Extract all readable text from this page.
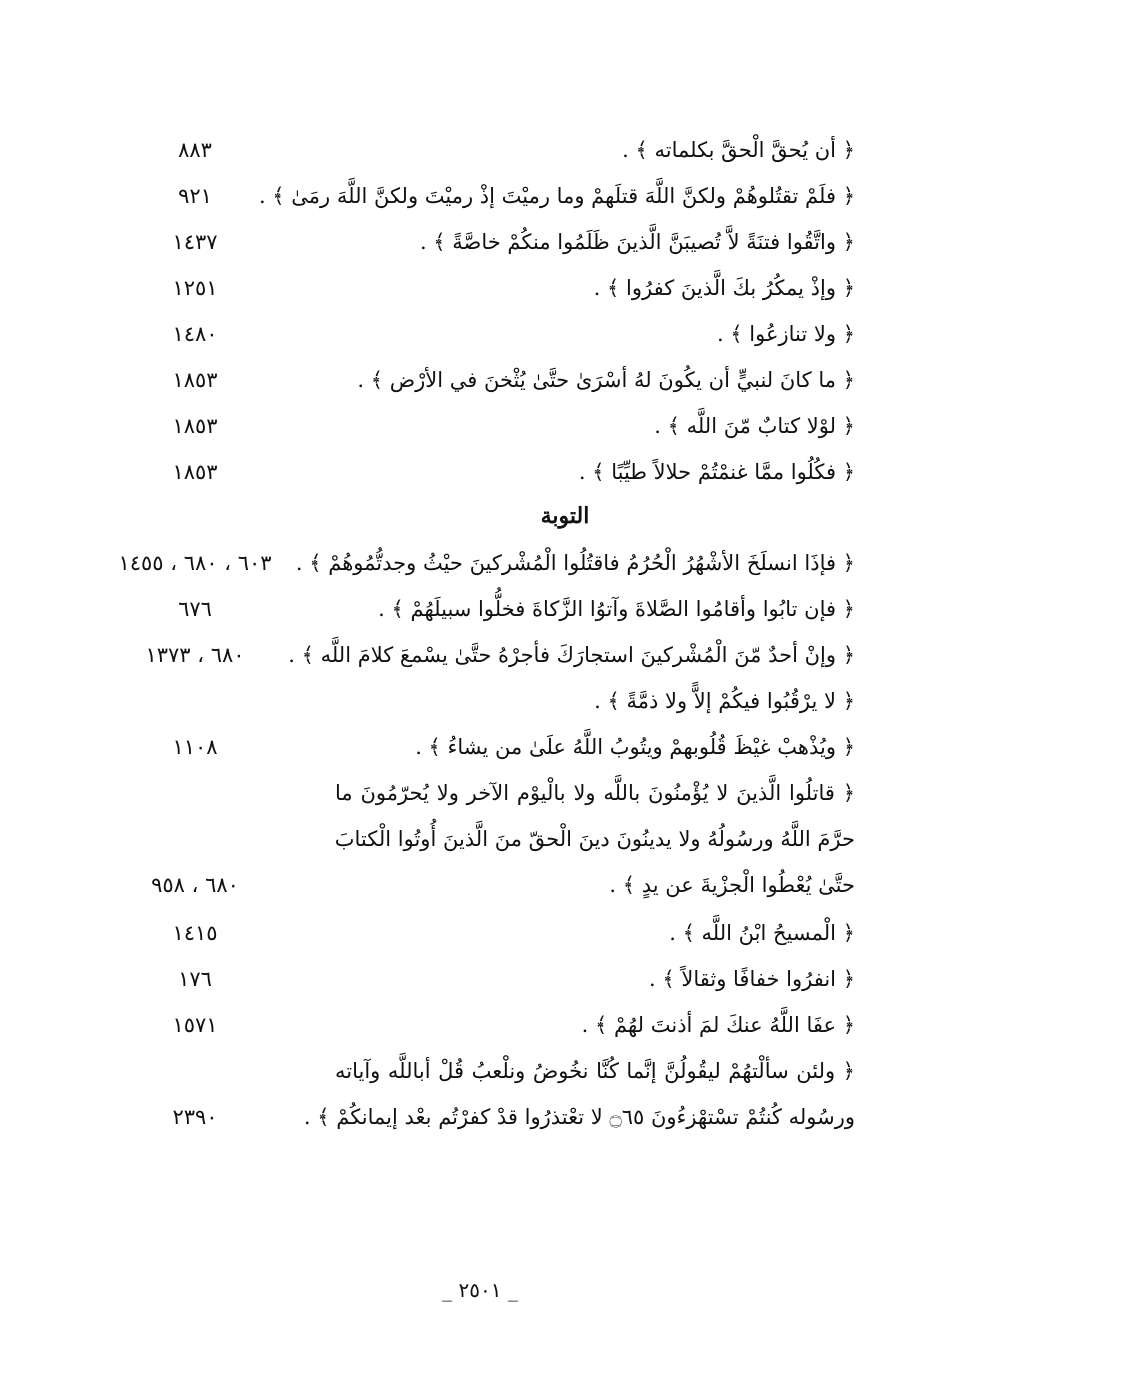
﴿ أن يُحقَّ الْحقَّ بكلماته ﴾ .
٨٨٣
﴿ فلَمْ تقتُلوهُمْ ولكنَّ اللَّهَ قتلَهمْ وما رميْتَ إذْ رميْتَ ولكنَّ اللَّهَ رمَىٰ ﴾ .
٩٢١
﴿ واتَّقُوا فتنَةً لاَّ تُصيبَنَّ الَّذينَ ظَلَمُوا منكُمْ خاصَّةً ﴾ .
١٤٣٧
﴿ وإذْ يمكُرُ بكَ الَّذينَ كفرُوا ﴾ .
١٢٥١
﴿ ولا تنازعُوا ﴾ .
١٤٨٠
﴿ ما كانَ لنبيٍّ أن يكُونَ لهُ أسْرَىٰ حتَّىٰ يُثْخنَ في الأرْض ﴾ .
١٨٥٣
﴿ لوْلا كتابٌ مّنَ اللَّه ﴾ .
١٨٥٣
﴿ فكُلُوا ممَّا غنمْتُمْ حلالاً طيِّبًا ﴾ .
١٨٥٣
التوبة
﴿ فإذَا انسلَخَ الأشْهُرُ الْحُرُمُ فاقتُلُوا الْمُشْركينَ حيْثُ وجدتُّمُوهُمْ ﴾ .
٦٠٣ ، ٦٨٠ ، ١٤٥٥
﴿ فإن تابُوا وأقامُوا الصَّلاةَ وآتوُا الزَّكاةَ فخلُّوا سبيلَهُمْ ﴾ .
٦٧٦
﴿ وإنْ أحدٌ مّنَ الْمُشْركينَ استجارَكَ فأجرْهُ حتَّىٰ يسْمعَ كلامَ اللَّه ﴾ .
٦٨٠ ، ١٣٧٣
﴿ لا يرْقُبُوا فيكُمْ إلاًّ ولا ذمَّةً ﴾ .
﴿ ويُذْهبْ غيْظَ قُلُوبهمْ ويتُوبُ اللَّهُ علَىٰ من يشاءُ ﴾ .
١١٠٨
﴿ قاتلُوا الَّذينَ لا يُؤْمنُونَ باللَّه ولا بالْيوْم الآخر ولا يُحرّمُونَ ما
حرَّمَ اللَّهُ ورسُولُهُ ولا يدينُونَ دينَ الْحقّ منَ الَّذينَ أُوتُوا الْكتابَ
حتَّىٰ يُعْطُوا الْجزْيةَ عن يدٍ ﴾ .
٦٨٠ ، ٩٥٨
﴿ الْمسيحُ ابْنُ اللَّه ﴾ .
١٤١٥
﴿ انفرُوا خفافًا وثقالاً ﴾ .
١٧٦
﴿ عفَا اللَّهُ عنكَ لمَ أذنتَ لهُمْ ﴾ .
١٥٧١
﴿ ولئن سألْتهُمْ ليقُولُنَّ إنَّما كُنَّا نخُوضُ ونلْعبُ قُلْ أباللَّه وآياته
ورسُوله كُنتُمْ تسْتهْزءُونَ ۝٦٥ لا تعْتذرُوا قدْ كفرْتُم بعْد إيمانكُمْ ﴾ .
٢٣٩٠
_ ٢٥٠١ _
